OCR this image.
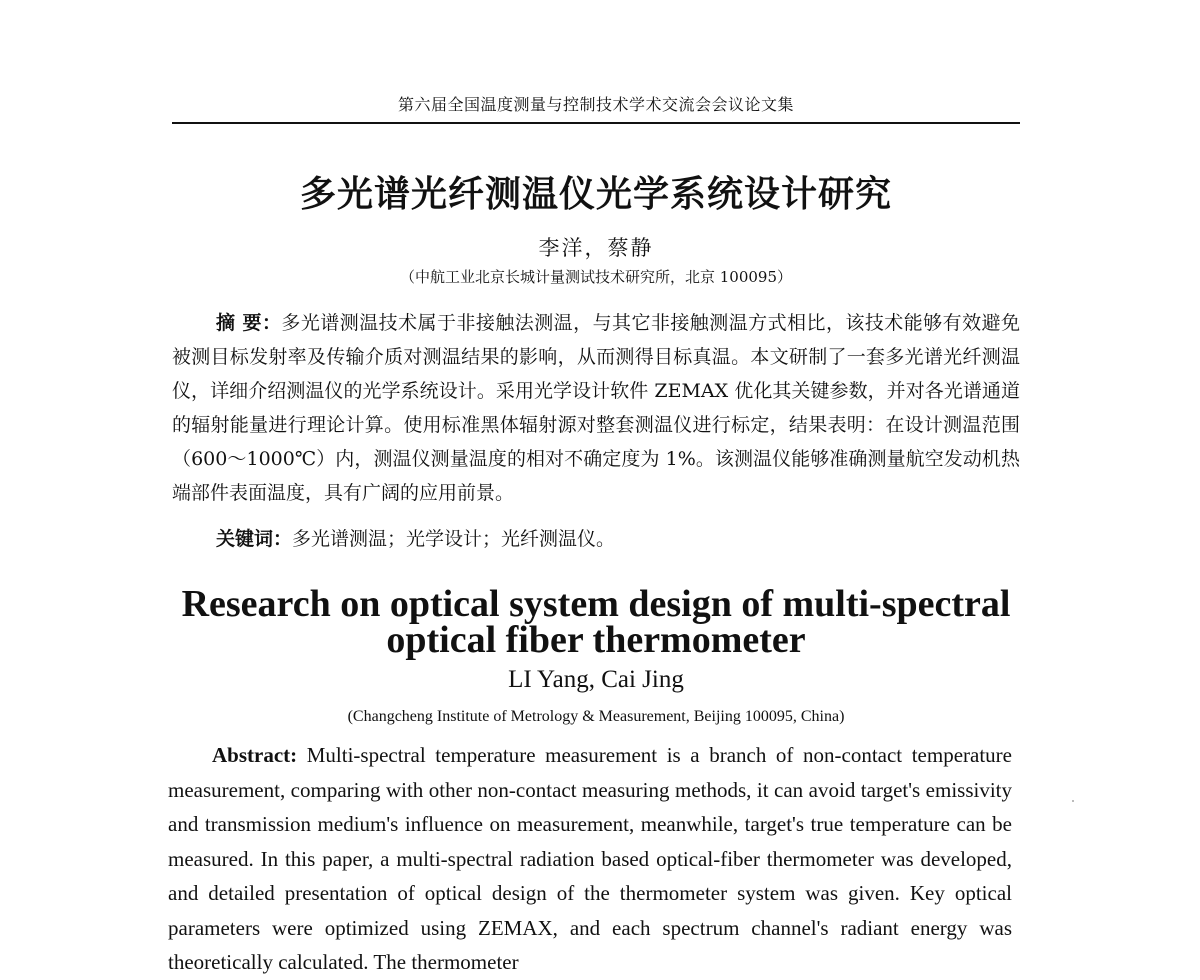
第六届全国温度测量与控制技术学术交流会会议论文集
多光谱光纤测温仪光学系统设计研究
李洋，蔡静
（中航工业北京长城计量测试技术研究所，北京 100095）

摘 要：多光谱测温技术属于非接触法测温，与其它非接触测温方式相比，该技术能够有效避免被测目标发射率及传输介质对测温结果的影响，从而测得目标真温。本文研制了一套多光谱光纤测温仪，详细介绍测温仪的光学系统设计。采用光学设计软件 ZEMAX 优化其关键参数，并对各光谱通道的辐射能量进行理论计算。使用标准黑体辐射源对整套测温仪进行标定，结果表明：在设计测温范围（600～1000℃）内，测温仪测量温度的相对不确定度为 1%。该测温仪能够准确测量航空发动机热端部件表面温度，具有广阔的应用前景。

关键词：多光谱测温；光学设计；光纤测温仪。

Research on optical system design of multi-spectral
optical fiber thermometer
LI Yang, Cai Jing
(Changcheng Institute of Metrology & Measurement, Beijing 100095, China)

Abstract: Multi-spectral temperature measurement is a branch of non-contact temperature measurement, comparing with other non-contact measuring methods, it can avoid target's emissivity and transmission medium's influence on measurement, meanwhile, target's true temperature can be measured. In this paper, a multi-spectral radiation based optical-fiber thermometer was developed, and detailed presentation of optical design of the thermometer system was given. Key optical parameters were optimized using ZEMAX, and each spectrum channel's radiant energy was theoretically calculated. The thermometer
